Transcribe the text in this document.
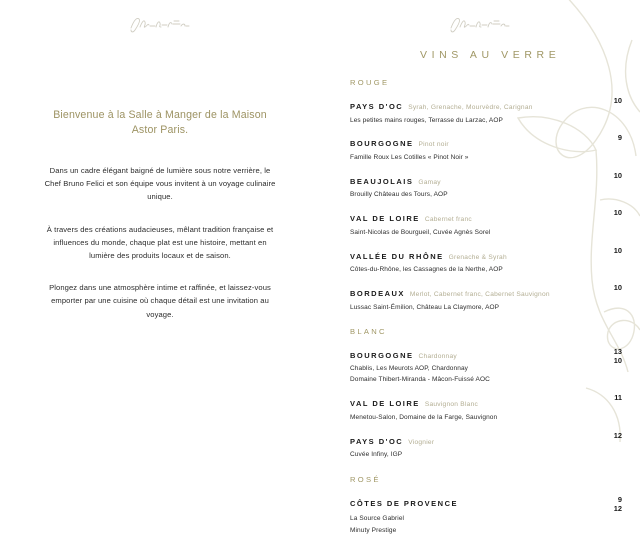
Bienvenue à la Salle à Manger de la Maison Astor Paris.

Dans un cadre élégant baigné de lumière sous notre verrière, le Chef Bruno Felici et son équipe vous invitent à un voyage culinaire unique.

À travers des créations audacieuses, mêlant tradition française et influences du monde, chaque plat est une histoire, mettant en lumière des produits locaux et de saison.

Plongez dans une atmosphère intime et raffinée, et laissez-vous emporter par une cuisine où chaque détail est une invitation au voyage.

VINS AU VERRE
ROUGE
PAYS D'OC Syrah, Grenache, Mourvèdre, Carignan
Les petites mains rouges, Terrasse du Larzac, AOP
10
BOURGOGNE Pinot noir
Famille Roux Les Cotilles « Pinot Noir »
9
BEAUJOLAIS Gamay
Brouilly Château des Tours, AOP
10
VAL DE LOIRE Cabernet franc
Saint-Nicolas de Bourgueil, Cuvée Agnès Sorel
10
VALLÉE DU RHÔNE Grenache & Syrah
Côtes-du-Rhône, les Cassagnes de la Nerthe, AOP
10
BORDEAUX Merlot, Cabernet franc, Cabernet Sauvignon
Lussac Saint-Émilion, Château La Claymore, AOP
10
BLANC
BOURGOGNE Chardonnay
Chablis, Les Meurots AOP, Chardonnay
Domaine Thibert-Miranda - Mâcon-Fuissé AOC
13
10
VAL DE LOIRE Sauvignon Blanc
Menetou-Salon, Domaine de la Farge, Sauvignon
11
PAYS D'OC Viognier
Cuvée Infiny, IGP
12
ROSÉ
CÔTES DE PROVENCE
La Source Gabriel
Minuty Prestige
9
12
